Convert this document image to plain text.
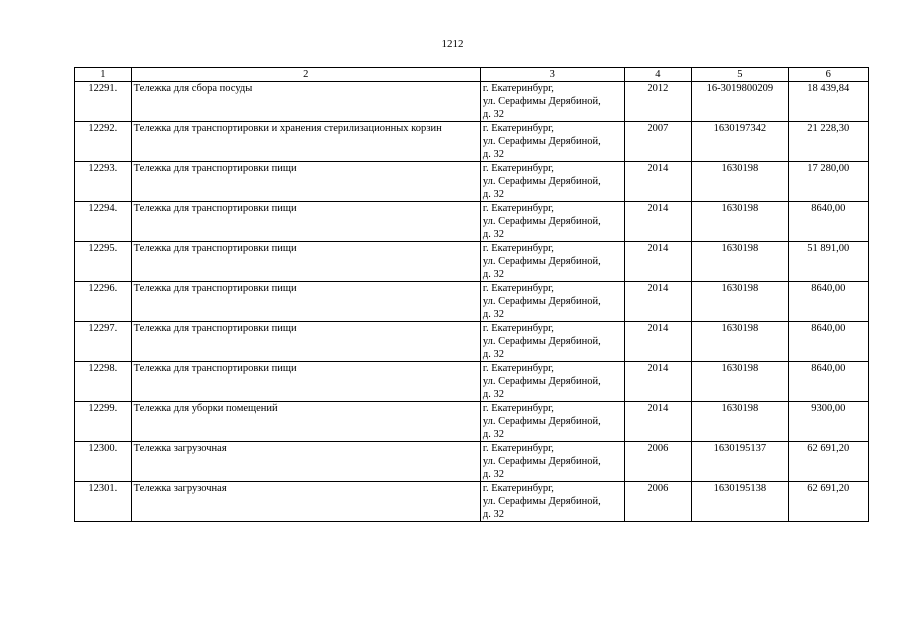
1212
1	2	3	4	5	6
12291.	Тележка для сбора посуды	г. Екатеринбург,
ул. Серафимы Дерябиной,
д. 32	2012	16-3019800209	18 439,84
12292.	Тележка для транспортировки и хранения стерилизационных корзин	г. Екатеринбург,
ул. Серафимы Дерябиной,
д. 32	2007	1630197342	21 228,30
12293.	Тележка для транспортировки пищи	г. Екатеринбург,
ул. Серафимы Дерябиной,
д. 32	2014	1630198	17 280,00
12294.	Тележка для транспортировки пищи	г. Екатеринбург,
ул. Серафимы Дерябиной,
д. 32	2014	1630198	8640,00
12295.	Тележка для транспортировки пищи	г. Екатеринбург,
ул. Серафимы Дерябиной,
д. 32	2014	1630198	51 891,00
12296.	Тележка для транспортировки пищи	г. Екатеринбург,
ул. Серафимы Дерябиной,
д. 32	2014	1630198	8640,00
12297.	Тележка для транспортировки пищи	г. Екатеринбург,
ул. Серафимы Дерябиной,
д. 32	2014	1630198	8640,00
12298.	Тележка для транспортировки пищи	г. Екатеринбург,
ул. Серафимы Дерябиной,
д. 32	2014	1630198	8640,00
12299.	Тележка для уборки помещений	г. Екатеринбург,
ул. Серафимы Дерябиной,
д. 32	2014	1630198	9300,00
12300.	Тележка загрузочная	г. Екатеринбург,
ул. Серафимы Дерябиной,
д. 32	2006	1630195137	62 691,20
12301.	Тележка загрузочная	г. Екатеринбург,
ул. Серафимы Дерябиной,
д. 32	2006	1630195138	62 691,20
